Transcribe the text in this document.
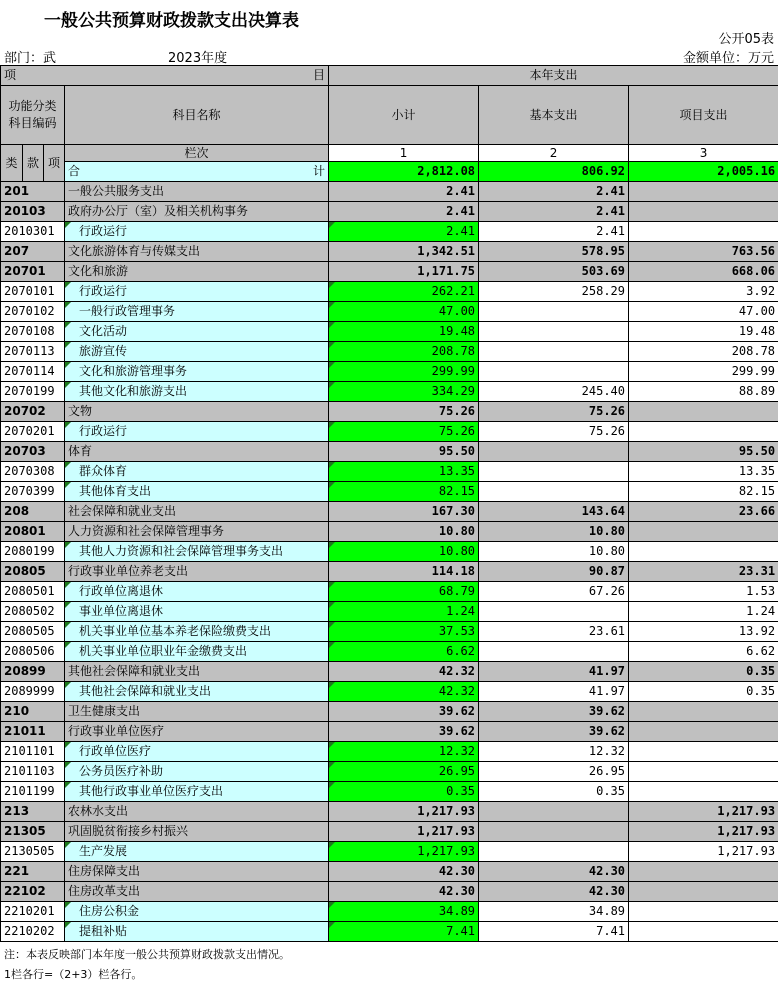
一般公共预算财政拨款支出决算表
公开05表
部门：武	2023年度	金额单位：万元
项 目				本年支出		

功能分类
科目编码			科目名称	小计	基本支出	项目支出
类	款	项	栏次	1	2	3
			合 计	2,812.08	806.92	2,005.16
201			一般公共服务支出	2.41	2.41	
20103			政府办公厅（室）及相关机构事务	2.41	2.41	
2010301			行政运行	2.41	2.41	
207			文化旅游体育与传媒支出	1,342.51	578.95	763.56
20701			文化和旅游	1,171.75	503.69	668.06
2070101			行政运行	262.21	258.29	3.92
2070102			一般行政管理事务	47.00		47.00
2070108			文化活动	19.48		19.48
2070113			旅游宣传	208.78		208.78
2070114			文化和旅游管理事务	299.99		299.99
2070199			其他文化和旅游支出	334.29	245.40	88.89
20702			文物	75.26	75.26	
2070201			行政运行	75.26	75.26	
20703			体育	95.50		95.50
2070308			群众体育	13.35		13.35
2070399			其他体育支出	82.15		82.15
208			社会保障和就业支出	167.30	143.64	23.66
20801			人力资源和社会保障管理事务	10.80	10.80	
2080199			其他人力资源和社会保障管理事务支出	10.80	10.80	
20805			行政事业单位养老支出	114.18	90.87	23.31
2080501			行政单位离退休	68.79	67.26	1.53
2080502			事业单位离退休	1.24		1.24
2080505			机关事业单位基本养老保险缴费支出	37.53	23.61	13.92
2080506			机关事业单位职业年金缴费支出	6.62		6.62
20899			其他社会保障和就业支出	42.32	41.97	0.35
2089999			其他社会保障和就业支出	42.32	41.97	0.35
210			卫生健康支出	39.62	39.62	
21011			行政事业单位医疗	39.62	39.62	
2101101			行政单位医疗	12.32	12.32	
2101103			公务员医疗补助	26.95	26.95	
2101199			其他行政事业单位医疗支出	0.35	0.35	
213			农林水支出	1,217.93		1,217.93
21305			巩固脱贫衔接乡村振兴	1,217.93		1,217.93
2130505			生产发展	1,217.93		1,217.93
221			住房保障支出	42.30	42.30	
22102			住房改革支出	42.30	42.30	
2210201			住房公积金	34.89	34.89	
2210202			提租补贴	7.41	7.41	
注：本表反映部门本年度一般公共预算财政拨款支出情况。
1栏各行=（2+3）栏各行。
